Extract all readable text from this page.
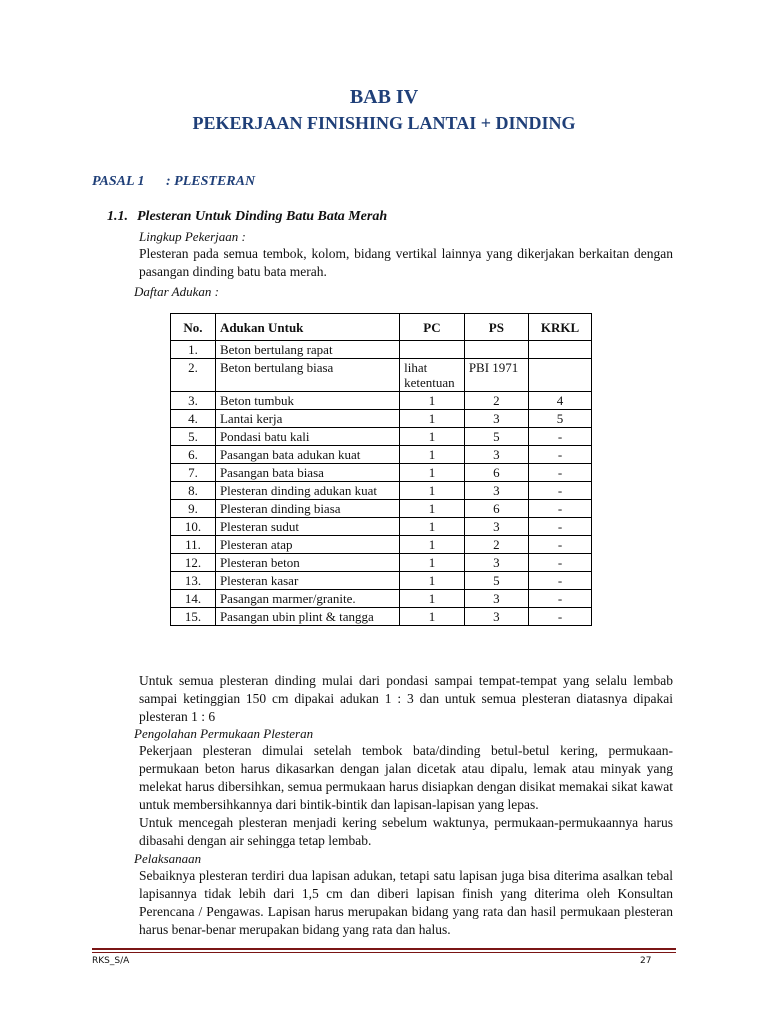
BAB IV
PEKERJAAN FINISHING LANTAI + DINDING
PASAL 1 : PLESTERAN
1.1. Plesteran Untuk Dinding Batu Bata Merah
Lingkup Pekerjaan :
Plesteran pada semua tembok, kolom, bidang vertikal lainnya yang dikerjakan berkaitan dengan pasangan dinding batu bata merah.
Daftar Adukan :
No.	Adukan Untuk	PC	PS	KRKL
1.	Beton bertulang rapat			
2.	Beton bertulang biasa	lihat ketentuan	PBI 1971	
3.	Beton tumbuk	1	2	4
4.	Lantai kerja	1	3	5
5.	Pondasi batu kali	1	5	-
6.	Pasangan bata adukan kuat	1	3	-
7.	Pasangan bata biasa	1	6	-
8.	Plesteran dinding adukan kuat	1	3	-
9.	Plesteran dinding biasa	1	6	-
10.	Plesteran sudut	1	3	-
11.	Plesteran atap	1	2	-
12.	Plesteran beton	1	3	-
13.	Plesteran kasar	1	5	-
14.	Pasangan marmer/granite.	1	3	-
15.	Pasangan ubin plint & tangga	1	3	-
Untuk semua plesteran dinding mulai dari pondasi sampai tempat-tempat yang selalu lembab sampai ketinggian 150 cm dipakai adukan 1 : 3 dan untuk semua plesteran diatasnya dipakai plesteran 1 : 6
Pengolahan Permukaan Plesteran
Pekerjaan plesteran dimulai setelah tembok bata/dinding betul-betul kering, permukaan-permukaan beton harus dikasarkan dengan jalan dicetak atau dipalu, lemak atau minyak yang melekat harus dibersihkan, semua permukaan harus disiapkan dengan disikat memakai sikat kawat untuk membersihkannya dari bintik-bintik dan lapisan-lapisan yang lepas.
Untuk mencegah plesteran menjadi kering sebelum waktunya, permukaan-permukaannya harus dibasahi dengan air sehingga tetap lembab.
Pelaksanaan
Sebaiknya plesteran terdiri dua lapisan adukan, tetapi satu lapisan juga bisa diterima asalkan tebal lapisannya tidak lebih dari 1,5 cm dan diberi lapisan finish yang diterima oleh Konsultan Perencana / Pengawas. Lapisan harus merupakan bidang yang rata dan hasil permukaan plesteran harus benar-benar merupakan bidang yang rata dan halus.
RKS_S/A	27
